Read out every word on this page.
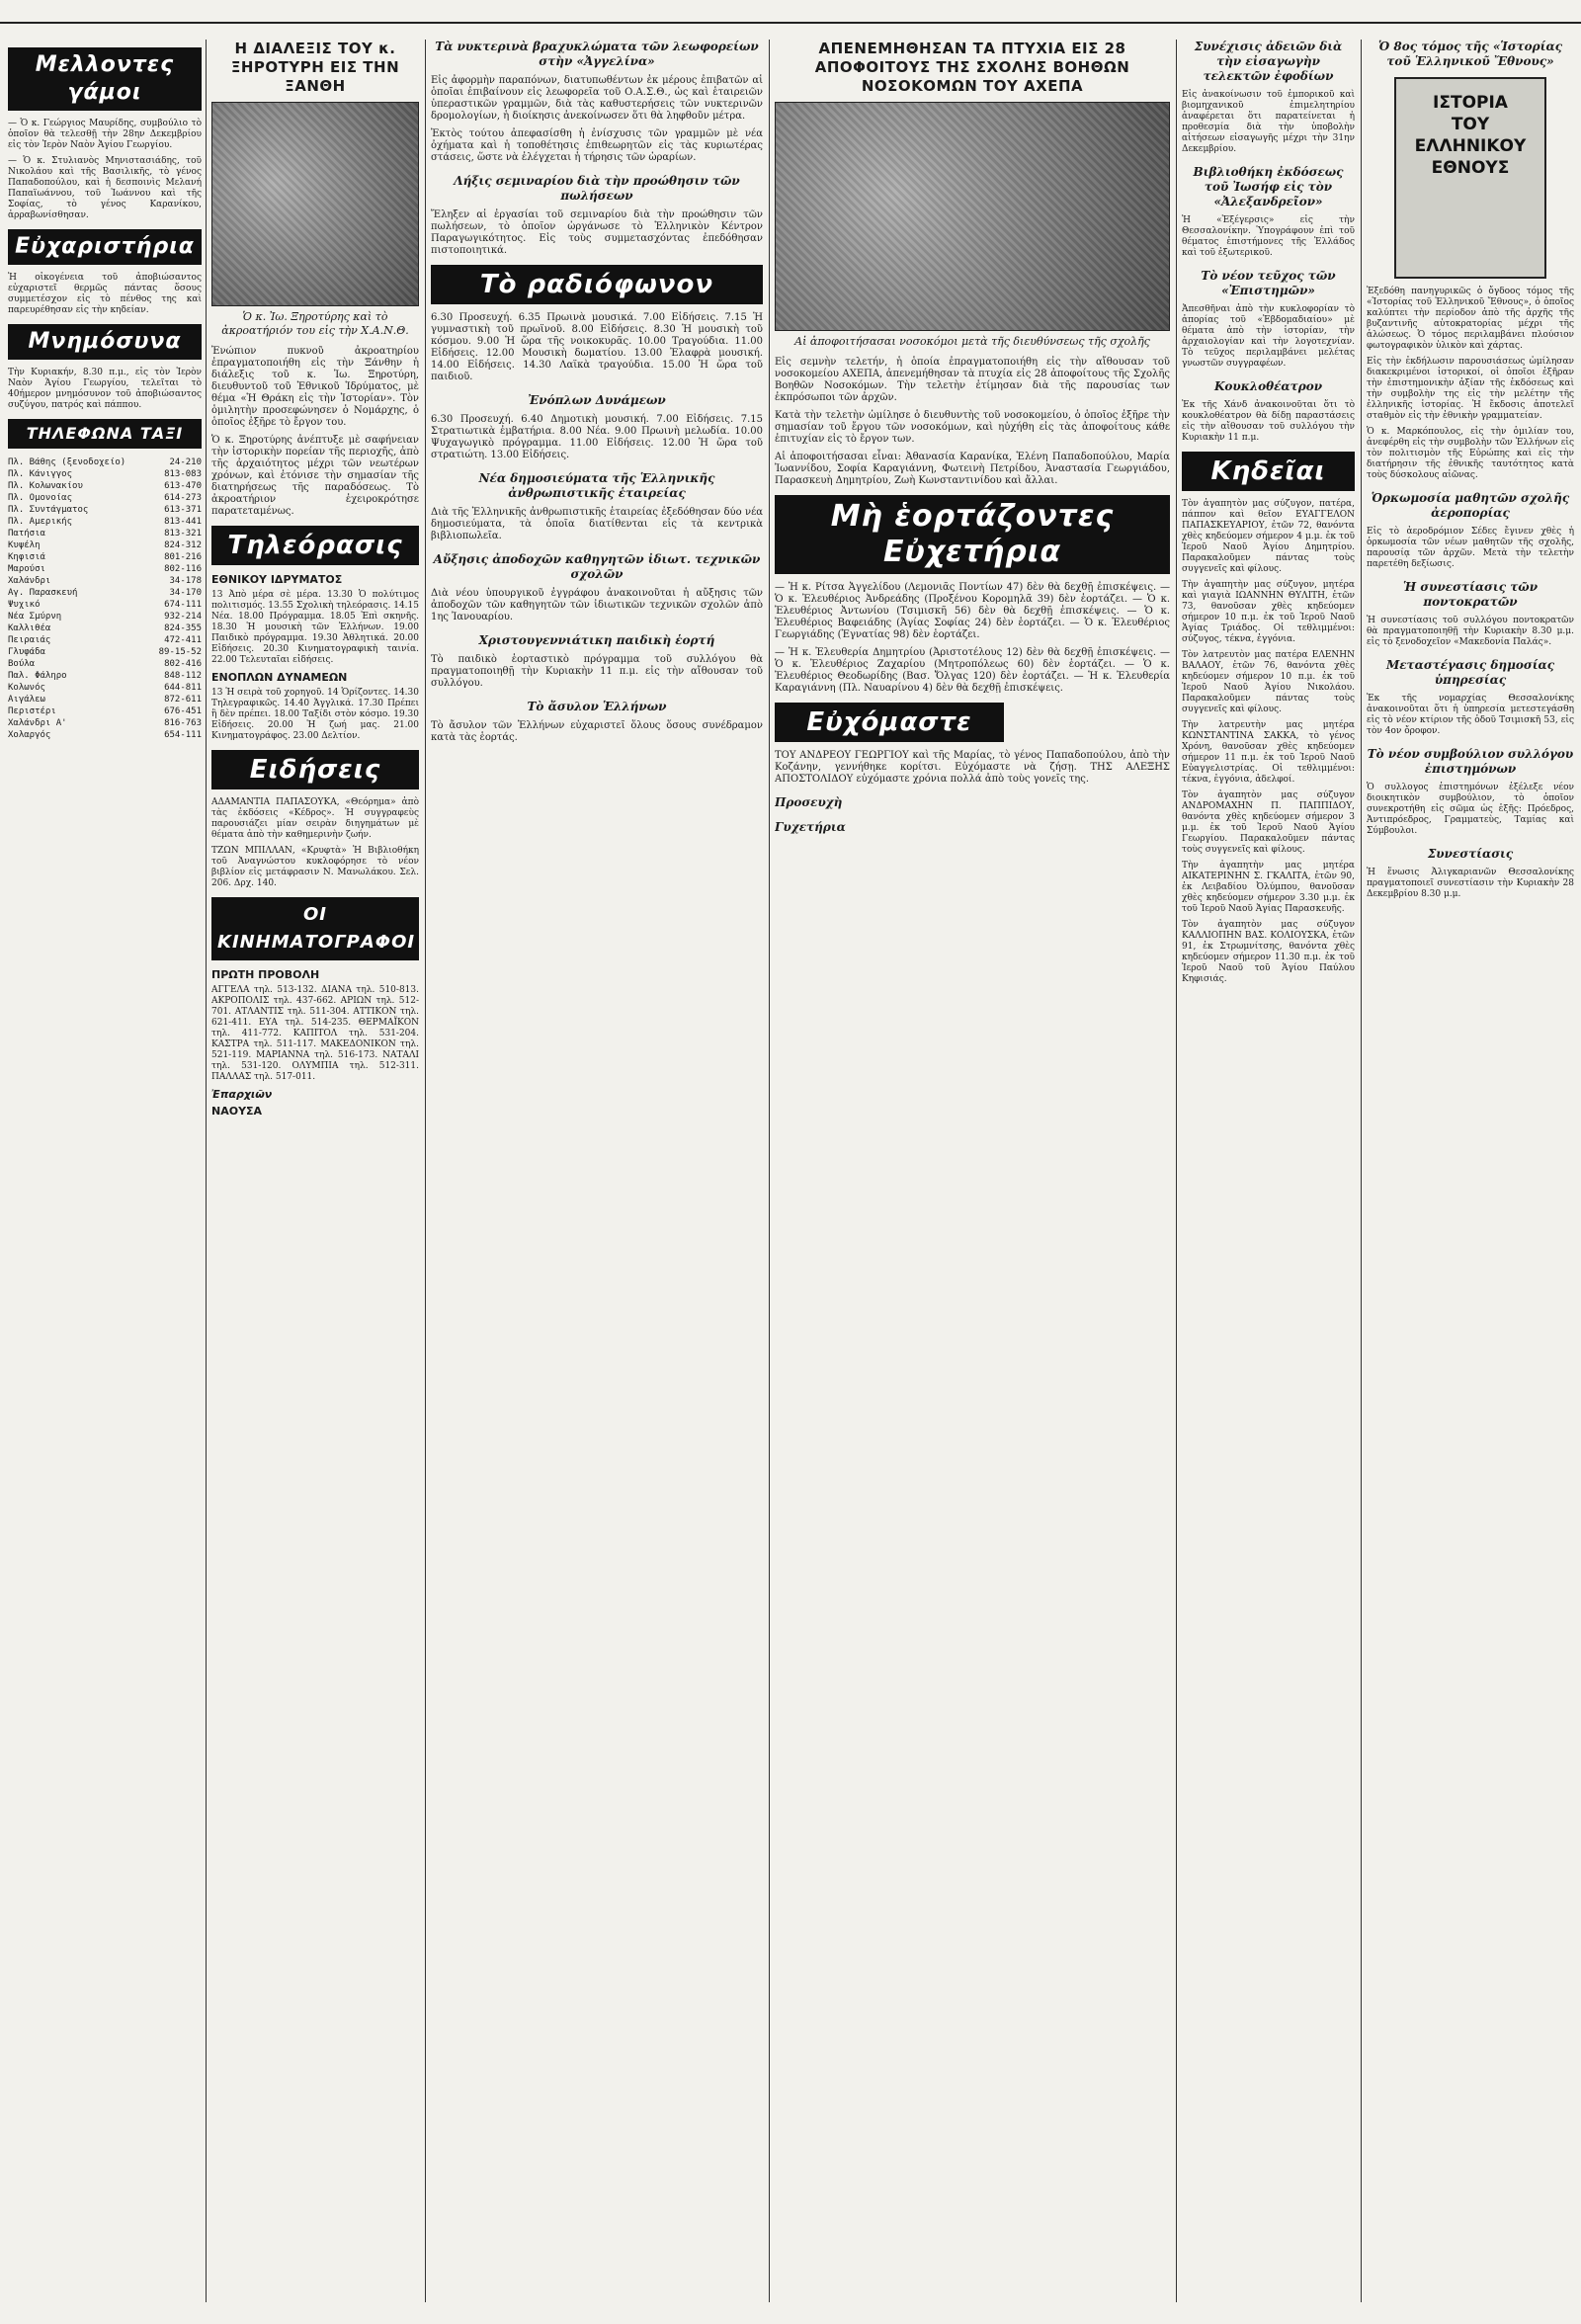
Μελλοντες γάμοι

— Ὁ κ. Γεώργιος Μαυρίδης, συμβούλιο τὸ ὁποῖον θὰ τελεσθῇ τὴν 28ην Δεκεμβρίου εἰς τὸν Ἱερὸν Ναὸν Ἁγίου Γεωργίου.

— Ὁ κ. Στυλιανὸς Μηνιστασιάδης, τοῦ Νικολάου καὶ τῆς Βασιλικῆς, τὸ γένος Παπαδοπούλου, καὶ ἡ δεσποινὶς Μελανή Παπαϊωάννου, τοῦ Ἰωάννου καὶ τῆς Σοφίας, τὸ γένος Καρανίκου, ἀρραβωνίσθησαν.

Εὐχαριστήρια

Ἡ οἰκογένεια τοῦ ἀποβιώσαντος εὐχαριστεῖ θερμῶς πάντας ὅσους συμμετέσχον εἰς τὸ πένθος της καὶ παρευρέθησαν εἰς τὴν κηδείαν.

Μνημόσυνα

Τὴν Κυριακήν, 8.30 π.μ., εἰς τὸν Ἱερὸν Ναὸν Ἁγίου Γεωργίου, τελεῖται τὸ 40ήμερον μνημόσυνον τοῦ ἀποβιώσαντος συζύγου, πατρός καὶ πάππου.

ΤΗΛΕΦΩΝΑ ΤΑΞΙ
Πλ. Βάθης (ξενοδοχείο)	24-210
Πλ. Κάνιγγος	813-083
Πλ. Κολωνακίου	613-470
Πλ. Ομονοίας	614-273
Πλ. Συντάγματος	613-371
Πλ. Αμερικής	813-441
Πατήσια	813-321
Κυψέλη	824-312
Κηφισιά	801-216
Μαρούσι	802-116
Χαλάνδρι	34-178
Αγ. Παρασκευή	34-170
Ψυχικό	674-111
Νέα Σμύρνη	932-214
Καλλιθέα	824-355
Πειραιάς	472-411
Γλυφάδα	89-15-52
Βούλα	802-416
Παλ. Φάληρο	848-112
Κολωνός	644-811
Αιγάλεω	872-611
Περιστέρι	676-451
Χαλάνδρι Α'	816-763
Χολαργός	654-111
Η ΔΙΑΛΕΞΙΣ ΤΟΥ κ. ΞΗΡΟΤΥΡΗ ΕΙΣ ΤΗΝ ΞΑΝΘΗ
Ὁ κ. Ἰω. Ξηροτύρης καὶ τὸ ἀκροατήριόν του εἰς τὴν Χ.Α.Ν.Θ.

Ἐνώπιον πυκνοῦ ἀκροατηρίου ἐπραγματοποιήθη εἰς τὴν Ξάνθην ἡ διάλεξις τοῦ κ. Ἰω. Ξηροτύρη, διευθυντοῦ τοῦ Ἐθνικοῦ Ἱδρύματος, μὲ θέμα «Ἡ Θράκη εἰς τὴν Ἱστορίαν». Τὸν ὁμιλητὴν προσεφώνησεν ὁ Νομάρχης, ὁ ὁποῖος ἐξῆρε τὸ ἔργον του.

Ὁ κ. Ξηροτύρης ἀνέπτυξε μὲ σαφήνειαν τὴν ἱστορικὴν πορείαν τῆς περιοχῆς, ἀπὸ τῆς ἀρχαιότητος μέχρι τῶν νεωτέρων χρόνων, καὶ ἐτόνισε τὴν σημασίαν τῆς διατηρήσεως τῆς παραδόσεως. Τὸ ἀκροατήριον ἐχειροκρότησε παρατεταμένως.

Τηλεόρασις
ΕΘΝΙΚΟΥ ΙΔΡΥΜΑΤΟΣ

13 Ἀπὸ μέρα σὲ μέρα. 13.30 Ὁ πολύτιμος πολιτισμός. 13.55 Σχολικὴ τηλεόρασις. 14.15 Νέα. 18.00 Πρόγραμμα. 18.05 Ἐπὶ σκηνῆς. 18.30 Ἡ μουσικὴ τῶν Ἑλλήνων. 19.00 Παιδικὸ πρόγραμμα. 19.30 Ἀθλητικά. 20.00 Εἰδήσεις. 20.30 Κινηματογραφικὴ ταινία. 22.00 Τελευταῖαι εἰδήσεις.

ΕΝΟΠΛΩΝ ΔΥΝΑΜΕΩΝ

13 Ἡ σειρὰ τοῦ χορηγοῦ. 14 Ὁρίζοντες. 14.30 Τηλεγραφικῶς. 14.40 Ἀγγλικά. 17.30 Πρέπει ἢ δὲν πρέπει. 18.00 Ταξίδι στὸν κόσμο. 19.30 Εἰδήσεις. 20.00 Ἡ ζωή μας. 21.00 Κινηματογράφος. 23.00 Δελτίον.

Ειδήσεις

ΑΔΑΜΑΝΤΙΑ ΠΑΠΑΣΟΥΚΑ, «Θεόρημα» ἀπὸ τὰς ἐκδόσεις «Κέδρος». Ἡ συγγραφεὺς παρουσιάζει μίαν σειρὰν διηγημάτων μὲ θέματα ἀπὸ τὴν καθημερινὴν ζωήν.

ΤΖΩΝ ΜΠΙΛΛΑΝ, «Κρυφτὰ» Ἡ Βιβλιοθήκη τοῦ Ἀναγνώστου κυκλοφόρησε τὸ νέον βιβλίον εἰς μετάφρασιν Ν. Μανωλάκου. Σελ. 206. Δρχ. 140.

ΟΙ ΚΙΝΗΜΑΤΟΓΡΑΦΟΙ
ΠΡΩΤΗ ΠΡΟΒΟΛΗ

ΑΓΓΕΛΑ τηλ. 513-132. ΔΙΑΝΑ τηλ. 510-813. ΑΚΡΟΠΟΛΙΣ τηλ. 437-662. ΑΡΙΩΝ τηλ. 512-701. ΑΤΛΑΝΤΙΣ τηλ. 511-304. ΑΤΤΙΚΟΝ τηλ. 621-411. ΕΥΑ τηλ. 514-235. ΘΕΡΜΑΪΚΟΝ τηλ. 411-772. ΚΑΠΙΤΟΛ τηλ. 531-204. ΚΑΣΤΡΑ τηλ. 511-117. ΜΑΚΕΔΟΝΙΚΟΝ τηλ. 521-119. ΜΑΡΙΑΝΝΑ τηλ. 516-173. ΝΑΤΑΛΙ τηλ. 531-120. ΟΛΥΜΠΙΑ τηλ. 512-311. ΠΑΛΛΑΣ τηλ. 517-011.

Ἐπαρχιῶν
ΝΑΟΥΣΑ
Τὰ νυκτερινὰ βραχυκλώματα τῶν λεωφορείων στὴν «Ἀγγελίνα»

Εἰς ἀφορμὴν παραπόνων, διατυπωθέντων ἐκ μέρους ἐπιβατῶν αἱ ὁποῖαι ἐπιβαίνουν εἰς λεωφορεῖα τοῦ Ο.Α.Σ.Θ., ὡς καὶ ἑταιρειῶν ὑπεραστικῶν γραμμῶν, διὰ τὰς καθυστερήσεις τῶν νυκτερινῶν δρομολογίων, ἡ διοίκησις ἀνεκοίνωσεν ὅτι θὰ ληφθοῦν μέτρα.

Ἐκτὸς τούτου ἀπεφασίσθη ἡ ἐνίσχυσις τῶν γραμμῶν μὲ νέα ὀχήματα καὶ ἡ τοποθέτησις ἐπιθεωρητῶν εἰς τὰς κυριωτέρας στάσεις, ὥστε νὰ ἐλέγχεται ἡ τήρησις τῶν ὡραρίων.

Λήξις σεμιναρίου διὰ τὴν προώθησιν τῶν πωλήσεων

Ἔληξεν αἱ ἐργασίαι τοῦ σεμιναρίου διὰ τὴν προώθησιν τῶν πωλήσεων, τὸ ὁποῖον ὠργάνωσε τὸ Ἑλληνικὸν Κέντρον Παραγωγικότητος. Εἰς τοὺς συμμετασχόντας ἐπεδόθησαν πιστοποιητικά.

Τὸ ραδιόφωνον

6.30 Προσευχή. 6.35 Πρωινὰ μουσικά. 7.00 Εἰδήσεις. 7.15 Ἡ γυμναστικὴ τοῦ πρωϊνοῦ. 8.00 Εἰδήσεις. 8.30 Ἡ μουσικὴ τοῦ κόσμου. 9.00 Ἡ ὥρα τῆς νοικοκυρᾶς. 10.00 Τραγούδια. 11.00 Εἰδήσεις. 12.00 Μουσικὴ δωματίου. 13.00 Ἐλαφρὰ μουσική. 14.00 Εἰδήσεις. 14.30 Λαϊκὰ τραγούδια. 15.00 Ἡ ὥρα τοῦ παιδιοῦ.

Ἐνόπλων Δυνάμεων

6.30 Προσευχή. 6.40 Δημοτικὴ μουσική. 7.00 Εἰδήσεις. 7.15 Στρατιωτικὰ ἐμβατήρια. 8.00 Νέα. 9.00 Πρωινὴ μελωδία. 10.00 Ψυχαγωγικὸ πρόγραμμα. 11.00 Εἰδήσεις. 12.00 Ἡ ὥρα τοῦ στρατιώτη. 13.00 Εἰδήσεις.

Νέα δημοσιεύματα τῆς Ἑλληνικῆς ἀνθρωπιστικῆς ἑταιρείας

Διὰ τῆς Ἑλληνικῆς ἀνθρωπιστικῆς ἑταιρείας ἐξεδόθησαν δύο νέα δημοσιεύματα, τὰ ὁποῖα διατίθενται εἰς τὰ κεντρικὰ βιβλιοπωλεῖα.

Αὔξησις ἀποδοχῶν καθηγητῶν ἰδιωτ. τεχνικῶν σχολῶν

Διὰ νέου ὑπουργικοῦ ἐγγράφου ἀνακοινοῦται ἡ αὔξησις τῶν ἀποδοχῶν τῶν καθηγητῶν τῶν ἰδιωτικῶν τεχνικῶν σχολῶν ἀπὸ 1ης Ἰανουαρίου.

Χριστουγεννιάτικη παιδικὴ ἑορτή

Τὸ παιδικὸ ἑορταστικὸ πρόγραμμα τοῦ συλλόγου θὰ πραγματοποιηθῇ τὴν Κυριακὴν 11 π.μ. εἰς τὴν αἴθουσαν τοῦ συλλόγου.

Τὸ ἄσυλον Ἑλλήνων

Τὸ ἄσυλον τῶν Ἑλλήνων εὐχαριστεῖ ὅλους ὅσους συνέδραμον κατὰ τὰς ἑορτάς.

ΑΠΕΝΕΜΗΘΗΣΑΝ ΤΑ ΠΤΥΧΙΑ ΕΙΣ 28 ΑΠΟΦΟΙΤΟΥΣ ΤΗΣ ΣΧΟΛΗΣ ΒΟΗΘΩΝ ΝΟΣΟΚΟΜΩΝ ΤΟΥ ΑΧΕΠΑ
Αἱ ἀποφοιτήσασαι νοσοκόμοι μετὰ τῆς διευθύνσεως τῆς σχολῆς

Εἰς σεμνὴν τελετήν, ἡ ὁποία ἐπραγματοποιήθη εἰς τὴν αἴθουσαν τοῦ νοσοκομείου ΑΧΕΠΑ, ἀπενεμήθησαν τὰ πτυχία εἰς 28 ἀποφοίτους τῆς Σχολῆς Βοηθῶν Νοσοκόμων. Τὴν τελετὴν ἐτίμησαν διὰ τῆς παρουσίας των ἐκπρόσωποι τῶν ἀρχῶν.

Κατὰ τὴν τελετὴν ὡμίλησε ὁ διευθυντὴς τοῦ νοσοκομείου, ὁ ὁποῖος ἐξῆρε τὴν σημασίαν τοῦ ἔργου τῶν νοσοκόμων, καὶ ηὐχήθη εἰς τὰς ἀποφοίτους κάθε ἐπιτυχίαν εἰς τὸ ἔργον των.

Αἱ ἀποφοιτήσασαι εἶναι: Ἀθανασία Καρανίκα, Ἑλένη Παπαδοπούλου, Μαρία Ἰωαννίδου, Σοφία Καραγιάννη, Φωτεινὴ Πετρίδου, Ἀναστασία Γεωργιάδου, Παρασκευὴ Δημητρίου, Ζωὴ Κωνσταντινίδου καὶ ἄλλαι.

Μὴ ἑορτάζοντες Εὐχετήρια

— Ἡ κ. Ρίτσα Ἀγγελίδου (Λεμονιᾶς Ποντίων 47) δὲν θὰ δεχθῇ ἐπισκέψεις. — Ὁ κ. Ἐλευθέριος Ἀνδρεάδης (Προξένου Κορομηλᾶ 39) δὲν ἑορτάζει. — Ὁ κ. Ἐλευθέριος Ἀντωνίου (Τσιμισκῆ 56) δὲν θὰ δεχθῇ ἐπισκέψεις. — Ὁ κ. Ἐλευθέριος Βαφειάδης (Ἀγίας Σοφίας 24) δὲν ἑορτάζει. — Ὁ κ. Ἐλευθέριος Γεωργιάδης (Ἐγνατίας 98) δὲν ἑορτάζει.

— Ἡ κ. Ἐλευθερία Δημητρίου (Ἀριστοτέλους 12) δὲν θὰ δεχθῇ ἐπισκέψεις. — Ὁ κ. Ἐλευθέριος Ζαχαρίου (Μητροπόλεως 60) δὲν ἑορτάζει. — Ὁ κ. Ἐλευθέριος Θεοδωρίδης (Βασ. Ὄλγας 120) δὲν ἑορτάζει. — Ἡ κ. Ἐλευθερία Καραγιάννη (Πλ. Ναυαρίνου 4) δὲν θὰ δεχθῇ ἐπισκέψεις.

Εὐχόμαστε

ΤΟΥ ΑΝΔΡΕΟΥ ΓΕΩΡΓΙΟΥ καὶ τῆς Μαρίας, τὸ γένος Παπαδοπούλου, ἀπὸ τὴν Κοζάνην, γεννήθηκε κορίτσι. Εὐχόμαστε νὰ ζήσῃ. ΤΗΣ ΑΛΕΞΗΣ ΑΠΟΣΤΟΛΙΔΟΥ εὐχόμαστε χρόνια πολλά ἀπὸ τοὺς γονεῖς της.

Προσευχὴ
Γυχετήρια
Συνέχισις ἀδειῶν διὰ τὴν εἰσαγωγὴν τελεκτῶν ἐφοδίων

Εἰς ἀνακοίνωσιν τοῦ ἐμπορικοῦ καὶ βιομηχανικοῦ ἐπιμελητηρίου ἀναφέρεται ὅτι παρατείνεται ἡ προθεσμία διὰ τὴν ὑποβολὴν αἰτήσεων εἰσαγωγῆς μέχρι τὴν 31ην Δεκεμβρίου.

Βιβλιοθήκη ἐκδόσεως τοῦ Ἰωσήφ εἰς τὸν «Ἀλεξανδρεῖον»

Ἡ «Ἑξέγερσις» εἰς τὴν Θεσσαλονίκην. Ὑπογράφουν ἐπὶ τοῦ θέματος ἐπιστήμονες τῆς Ἑλλάδος καὶ τοῦ ἐξωτερικοῦ.

Τὸ νέον τεῦχος τῶν «Ἐπιστημῶν»

Ἀπεσθῆναι ἀπὸ τὴν κυκλοφορίαν τὸ ἀπορίας τοῦ «Ἐβδομαδιαίου» μὲ θέματα ἀπὸ τὴν ἱστορίαν, τὴν ἀρχαιολογίαν καὶ τὴν λογοτεχνίαν. Τὸ τεῦχος περιλαμβάνει μελέτας γνωστῶν συγγραφέων.

Κουκλοθέατρον

Ἐκ τῆς Χάνδ ἀνακοινοῦται ὅτι τὸ κουκλοθέατρον θὰ δίδῃ παραστάσεις εἰς τὴν αἴθουσαν τοῦ συλλόγου τὴν Κυριακὴν 11 π.μ.

Κηδεῖαι

Τὸν ἀγαπητὸν μας σύζυγον, πατέρα, πάππον καὶ θεῖον ΕΥΑΓΓΕΛΟΝ ΠΑΠΑΣΚΕΥΑΡΙΟΥ, ἐτῶν 72, θανόντα χθὲς κηδεύομεν σήμερον 4 μ.μ. ἐκ τοῦ Ἱεροῦ Ναοῦ Ἁγίου Δημητρίου. Παρακαλοῦμεν πάντας τοὺς συγγενεῖς καὶ φίλους.

Τὴν ἀγαπητὴν μας σύζυγον, μητέρα καὶ γιαγιὰ ΙΩΑΝΝΗΝ ΘΥΛΙΤΗ, ἐτῶν 73, θανοῦσαν χθὲς κηδεύομεν σήμερον 10 π.μ. ἐκ τοῦ Ἱεροῦ Ναοῦ Ἁγίας Τριάδος. Οἱ τεθλιμμένοι: σύζυγος, τέκνα, ἐγγόνια.

Τὸν λατρευτὸν μας πατέρα ΕΛΕΝΗΝ ΒΑΛΑΟΥ, ἐτῶν 76, θανόντα χθὲς κηδεύομεν σήμερον 10 π.μ. ἐκ τοῦ Ἱεροῦ Ναοῦ Ἁγίου Νικολάου. Παρακαλοῦμεν πάντας τοὺς συγγενεῖς καὶ φίλους.

Τὴν λατρευτὴν μας μητέρα ΚΩΝΣΤΑΝΤΙΝΑ ΣΑΚΚΑ, τὸ γένος Χρόνη, θανοῦσαν χθὲς κηδεύομεν σήμερον 11 π.μ. ἐκ τοῦ Ἱεροῦ Ναοῦ Εὐαγγελιστρίας. Οἱ τεθλιμμένοι: τέκνα, ἐγγόνια, ἀδελφοί.

Τὸν ἀγαπητὸν μας σύζυγον ΑΝΔΡΟΜΑΧΗΝ Π. ΠΑΠΠΙΔΟΥ, θανόντα χθὲς κηδεύομεν σήμερον 3 μ.μ. ἐκ τοῦ Ἱεροῦ Ναοῦ Ἁγίου Γεωργίου. Παρακαλοῦμεν πάντας τοὺς συγγενεῖς καὶ φίλους.

Τὴν ἀγαπητὴν μας μητέρα ΑΙΚΑΤΕΡΙΝΗΝ Σ. ΓΚΑΛΙΤΑ, ἐτῶν 90, ἐκ Λειβαδίου Ὀλύμπου, θανοῦσαν χθὲς κηδεύομεν σήμερον 3.30 μ.μ. ἐκ τοῦ Ἱεροῦ Ναοῦ Ἁγίας Παρασκευῆς.

Τὸν ἀγαπητὸν μας σύζυγον ΚΑΛΛΙΟΠΗΝ ΒΑΣ. ΚΟΛΙΟΥΣΚΑ, ἐτῶν 91, ἐκ Στρωμνίτσης, θανόντα χθὲς κηδεύομεν σήμερον 11.30 π.μ. ἐκ τοῦ Ἱεροῦ Ναοῦ τοῦ Ἁγίου Παύλου Κηφισιάς.

Ὁ 8ος τόμος τῆς «Ἱστορίας τοῦ Ἑλληνικοῦ Ἔθνους»
ΙΣΤΟΡΙΑ
ΤΟΥ
ΕΛΛΗΝΙΚΟΥ
ΕΘΝΟΥΣ

Ἐξεδόθη πανηγυρικῶς ὁ ὄγδοος τόμος τῆς «Ἱστορίας τοῦ Ἑλληνικοῦ Ἔθνους», ὁ ὁποῖος καλύπτει τὴν περίοδον ἀπὸ τῆς ἀρχῆς τῆς βυζαντινῆς αὐτοκρατορίας μέχρι τῆς ἁλώσεως. Ὁ τόμος περιλαμβάνει πλούσιον φωτογραφικὸν ὑλικὸν καὶ χάρτας.

Εἰς τὴν ἐκδήλωσιν παρουσιάσεως ὡμίλησαν διακεκριμένοι ἱστορικοί, οἱ ὁποῖοι ἐξῆραν τὴν ἐπιστημονικὴν ἀξίαν τῆς ἐκδόσεως καὶ τὴν συμβολὴν της εἰς τὴν μελέτην τῆς ἑλληνικῆς ἱστορίας. Ἡ ἔκδοσις ἀποτελεῖ σταθμὸν εἰς τὴν ἐθνικὴν γραμματείαν.

Ὁ κ. Μαρκόπουλος, εἰς τὴν ὁμιλίαν του, ἀνεφέρθη εἰς τὴν συμβολὴν τῶν Ἑλλήνων εἰς τὸν πολιτισμὸν τῆς Εὐρώπης καὶ εἰς τὴν διατήρησιν τῆς ἐθνικῆς ταυτότητος κατὰ τοὺς δύσκολους αἰῶνας.

Ὁρκωμοσία μαθητῶν σχολῆς ἀεροπορίας

Εἰς τὸ ἀεροδρόμιον Σέδες ἔγινεν χθὲς ἡ ὁρκωμοσία τῶν νέων μαθητῶν τῆς σχολῆς, παρουσίᾳ τῶν ἀρχῶν. Μετὰ τὴν τελετὴν παρετέθη δεξίωσις.

Ἡ συνεστίασις τῶν ποντοκρατῶν

Ἡ συνεστίασις τοῦ συλλόγου ποντοκρατῶν θὰ πραγματοποιηθῇ τὴν Κυριακὴν 8.30 μ.μ. εἰς τὸ ξενοδοχεῖον «Μακεδονία Παλάς».

Μεταστέγασις δημοσίας ὑπηρεσίας

Ἐκ τῆς νομαρχίας Θεσσαλονίκης ἀνακοινοῦται ὅτι ἡ ὑπηρεσία μετεστεγάσθη εἰς τὸ νέον κτίριον τῆς ὁδοῦ Τσιμισκῆ 53, εἰς τὸν 4ον ὄροφον.

Τὸ νέον συμβούλιον συλλόγου ἐπιστημόνων

Ὁ συλλογος ἐπιστημόνων ἐξέλεξε νέον διοικητικὸν συμβούλιον, τὸ ὁποῖον συνεκροτήθη εἰς σῶμα ὡς ἑξῆς: Πρόεδρος, Ἀντιπρόεδρος, Γραμματεὺς, Ταμίας καὶ Σύμβουλοι.

Συνεστίασις

Ἡ ἕνωσις Ἀλιγκαριανῶν Θεσσαλονίκης πραγματοποιεῖ συνεστίασιν τὴν Κυριακὴν 28 Δεκεμβρίου 8.30 μ.μ.
